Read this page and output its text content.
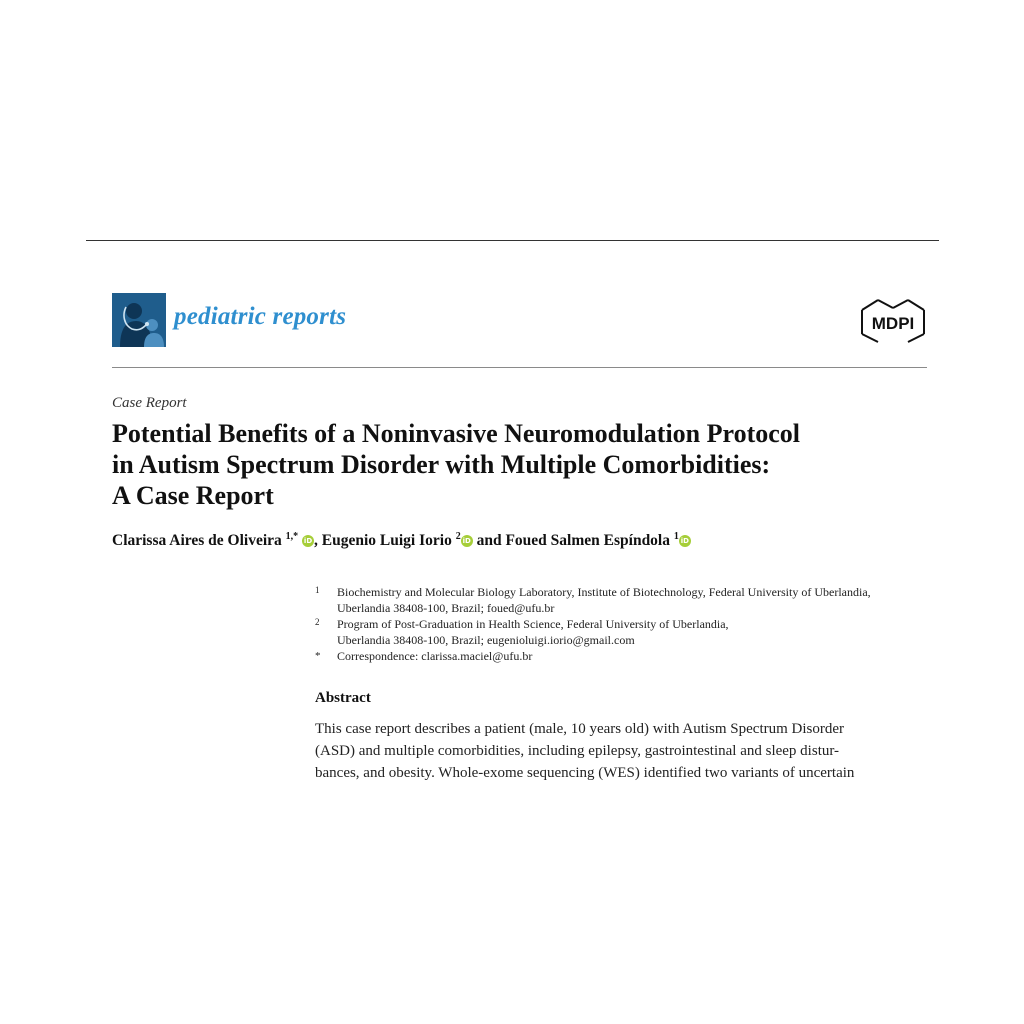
pediatric reports	MDPI
Case Report
Potential Benefits of a Noninvasive Neuromodulation Protocol
in Autism Spectrum Disorder with Multiple Comorbidities:
A Case Report
Clarissa Aires de Oliveira $^{1,*}$ iD , Eugenio Luigi Iorio $^2$ iD and Foued Salmen Espíndola $^1$ iD
1 Biochemistry and Molecular Biology Laboratory, Institute of Biotechnology, Federal University of Uberlandia,
Uberlandia 38408-100, Brazil; foued@ufu.br
2 Program of Post-Graduation in Health Science, Federal University of Uberlandia,
Uberlandia 38408-100, Brazil; eugenioluigi.iorio@gmail.com
* Correspondence: clarissa.maciel@ufu.br
Abstract
This case report describes a patient (male, 10 years old) with Autism Spectrum Disorder
(ASD) and multiple comorbidities, including epilepsy, gastrointestinal and sleep distur-
bances, and obesity. Whole-exome sequencing (WES) identified two variants of uncertain
